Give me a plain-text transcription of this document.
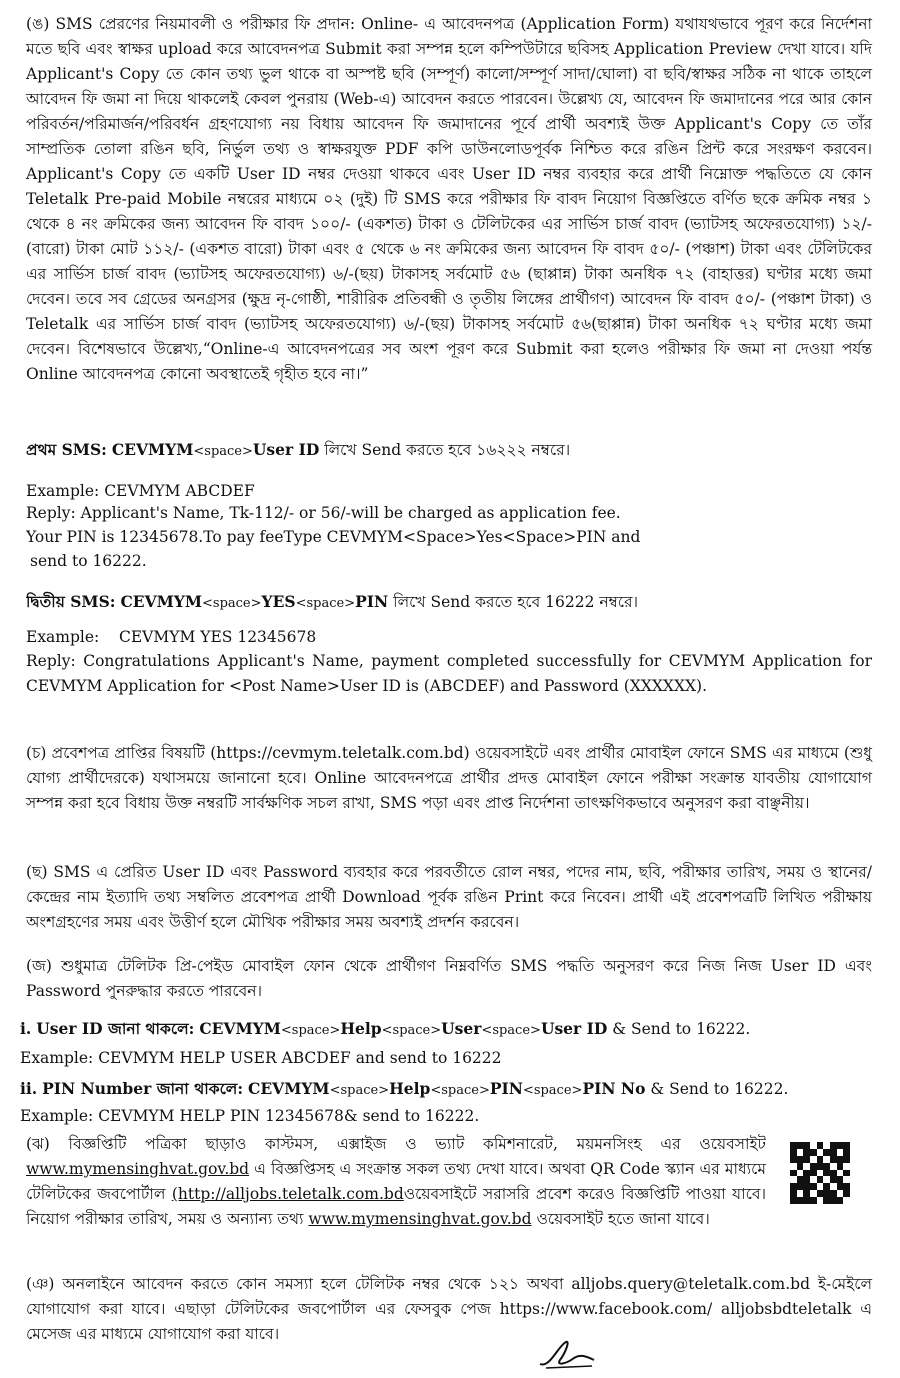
(ঙ) SMS প্রেরণের নিয়মাবলী ও পরীক্ষার ফি প্রদান: Online- এ আবেদনপত্র (Application Form) যথাযথভাবে পূরণ করে নির্দেশনা মতে ছবি এবং স্বাক্ষর upload করে আবেদনপত্র Submit করা সম্পন্ন হলে কম্পিউটারে ছবিসহ Application Preview দেখা যাবে। যদি Applicant's Copy তে কোন তথ্য ভুল থাকে বা অস্পষ্ট ছবি (সম্পূর্ণ) কালো/সম্পূর্ণ সাদা/ঘোলা) বা ছবি/স্বাক্ষর সঠিক না থাকে তাহলে আবেদন ফি জমা না দিয়ে থাকলেই কেবল পুনরায় (Web-এ) আবেদন করতে পারবেন। উল্লেখ্য যে, আবেদন ফি জমাদানের পরে আর কোন পরিবর্তন/পরিমার্জন/পরিবর্ধন গ্রহণযোগ্য নয় বিধায় আবেদন ফি জমাদানের পূর্বে প্রার্থী অবশ্যই উক্ত Applicant's Copy তে তাঁর সাম্প্রতিক তোলা রঙিন ছবি, নির্ভুল তথ্য ও স্বাক্ষরযুক্ত PDF কপি ডাউনলোডপূর্বক নিশ্চিত করে রঙিন প্রিন্ট করে সংরক্ষণ করবেন। Applicant's Copy তে একটি User ID নম্বর দেওয়া থাকবে এবং User ID নম্বর ব্যবহার করে প্রার্থী নিম্নোক্ত পদ্ধতিতে যে কোন Teletalk Pre-paid Mobile নম্বরের মাধ্যমে ০২ (দুই) টি SMS করে পরীক্ষার ফি বাবদ নিয়োগ বিজ্ঞপ্তিতে বর্ণিত ছকে ক্রমিক নম্বর ১ থেকে ৪ নং ক্রমিকের জন্য আবেদন ফি বাবদ ১০০/- (একশত) টাকা ও টেলিটকের এর সার্ভিস চার্জ বাবদ (ভ্যাটসহ অফেরতযোগ্য) ১২/- (বারো) টাকা মোট ১১২/- (একশত বারো) টাকা এবং ৫ থেকে ৬ নং ক্রমিকের জন্য আবেদন ফি বাবদ ৫০/- (পঞ্চাশ) টাকা এবং টেলিটকের এর সার্ভিস চার্জ বাবদ (ভ্যাটসহ অফেরতযোগ্য) ৬/-(ছয়) টাকাসহ সর্বমোট ৫৬ (ছাপ্পান্ন) টাকা অনধিক ৭২ (বাহাত্তর) ঘণ্টার মধ্যে জমা দেবেন। তবে সব গ্রেডের অনগ্রসর (ক্ষুদ্র নৃ-গোষ্ঠী, শারীরিক প্রতিবন্ধী ও তৃতীয় লিঙ্গের প্রার্থীগণ) আবেদন ফি বাবদ ৫০/- (পঞ্চাশ টাকা) ও Teletalk এর সার্ভিস চার্জ বাবদ (ভ্যাটসহ অফেরতযোগ্য) ৬/-(ছয়) টাকাসহ সর্বমোট ৫৬(ছাপ্পান্ন) টাকা অনধিক ৭২ ঘণ্টার মধ্যে জমা দেবেন। বিশেষভাবে উল্লেখ্য,“Online-এ আবেদনপত্রের সব অংশ পূরণ করে Submit করা হলেও পরীক্ষার ফি জমা না দেওয়া পর্যন্ত Online আবেদনপত্র কোনো অবস্থাতেই গৃহীত হবে না।”

প্রথম SMS: CEVMYM<space>User ID লিখে Send করতে হবে ১৬২২২ নম্বরে।

Example: CEVMYM ABCDEF

Reply: Applicant's Name, Tk-112/- or 56/-will be charged as application fee.

Your PIN is 12345678.To pay feeType CEVMYM<Space>Yes<Space>PIN and

send to 16222.

দ্বিতীয় SMS: CEVMYM<space>YES<space>PIN লিখে Send করতে হবে 16222 নম্বরে।

Example:    CEVMYM YES 12345678

Reply: Congratulations Applicant's Name, payment completed successfully for CEVMYM Application for CEVMYM Application for <Post Name>User ID is (ABCDEF) and Password (XXXXXX).

(চ) প্রবেশপত্র প্রাপ্তির বিষয়টি (https://cevmym.teletalk.com.bd) ওয়েবসাইটে এবং প্রার্থীর মোবাইল ফোনে SMS এর মাধ্যমে (শুধু যোগ্য প্রার্থীদেরকে) যথাসময়ে জানানো হবে। Online আবেদনপত্রে প্রার্থীর প্রদত্ত মোবাইল ফোনে পরীক্ষা সংক্রান্ত যাবতীয় যোগাযোগ সম্পন্ন করা হবে বিধায় উক্ত নম্বরটি সার্বক্ষণিক সচল রাখা, SMS পড়া এবং প্রাপ্ত নির্দেশনা তাৎক্ষণিকভাবে অনুসরণ করা বাঞ্ছনীয়।

(ছ) SMS এ প্রেরিত User ID এবং Password ব্যবহার করে পরবর্তীতে রোল নম্বর, পদের নাম, ছবি, পরীক্ষার তারিখ, সময় ও স্থানের/কেন্দ্রের নাম ইত্যাদি তথ্য সম্বলিত প্রবেশপত্র প্রার্থী Download পূর্বক রঙিন Print করে নিবেন। প্রার্থী এই প্রবেশপত্রটি লিখিত পরীক্ষায় অংশগ্রহণের সময় এবং উত্তীর্ণ হলে মৌখিক পরীক্ষার সময় অবশ্যই প্রদর্শন করবেন।

(জ) শুধুমাত্র টেলিটক প্রি-পেইড মোবাইল ফোন থেকে প্রার্থীগণ নিম্নবর্ণিত SMS পদ্ধতি অনুসরণ করে নিজ নিজ User ID এবং Password পুনরুদ্ধার করতে পারবেন।

i. User ID জানা থাকলে: CEVMYM<space>Help<space>User<space>User ID & Send to 16222.

Example: CEVMYM HELP USER ABCDEF and send to 16222

ii. PIN Number জানা থাকলে: CEVMYM<space>Help<space>PIN<space>PIN No & Send to 16222.

Example: CEVMYM HELP PIN 12345678& send to 16222.

(ঝ) বিজ্ঞপ্তিটি পত্রিকা ছাড়াও কাস্টমস, এক্সাইজ ও ভ্যাট কমিশনারেট, ময়মনসিংহ এর ওয়েবসাইট www.mymensinghvat.gov.bd এ বিজ্ঞপ্তিসহ এ সংক্রান্ত সকল তথ্য দেখা যাবে। অথবা QR Code স্ক্যান এর মাধ্যমে টেলিটকের জবপোর্টাল (http://alljobs.teletalk.com.bdওয়েবসাইটে সরাসরি প্রবেশ করেও বিজ্ঞপ্তিটি পাওয়া যাবে। নিয়োগ পরীক্ষার তারিখ, সময় ও অন্যান্য তথ্য www.mymensinghvat.gov.bd ওয়েবসাইট হতে জানা যাবে।

(ঞ) অনলাইনে আবেদন করতে কোন সমস্যা হলে টেলিটক নম্বর থেকে ১২১ অথবা alljobs.query@teletalk.com.bd ই-মেইলে যোগাযোগ করা যাবে। এছাড়া টেলিটকের জবপোর্টাল এর ফেসবুক পেজ https://www.facebook.com/ alljobsbdteletalk এ মেসেজ এর মাধ্যমে যোগাযোগ করা যাবে।
